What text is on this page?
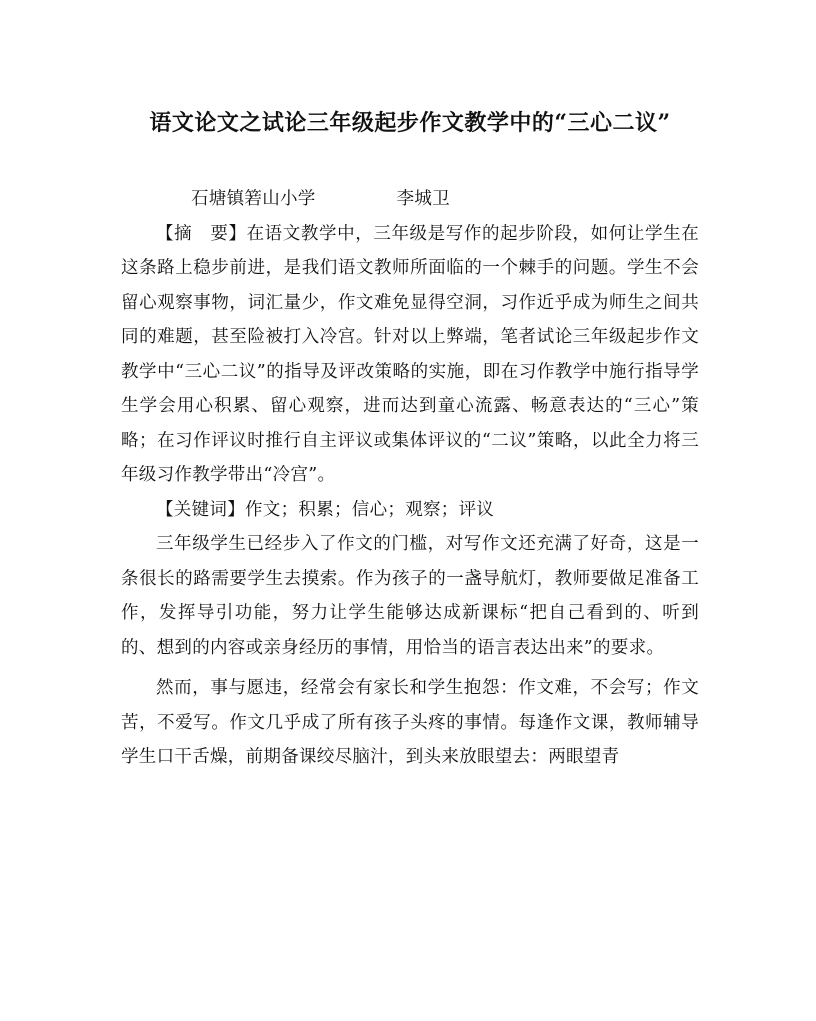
语文论文之试论三年级起步作文教学中的“三心二议”

石塘镇箬山小学	李城卫

【摘　要】在语文教学中，三年级是写作的起步阶段，如何让学生在这条路上稳步前进，是我们语文教师所面临的一个棘手的问题。学生不会留心观察事物，词汇量少，作文难免显得空洞，习作近乎成为师生之间共同的难题，甚至险被打入冷宫。针对以上弊端，笔者试论三年级起步作文教学中“三心二议”的指导及评改策略的实施，即在习作教学中施行指导学生学会用心积累、留心观察，进而达到童心流露、畅意表达的“三心”策略；在习作评议时推行自主评议或集体评议的“二议”策略，以此全力将三年级习作教学带出“冷宫”。

【关键词】作文；积累；信心；观察；评议

三年级学生已经步入了作文的门槛，对写作文还充满了好奇，这是一条很长的路需要学生去摸索。作为孩子的一盏导航灯，教师要做足准备工作，发挥导引功能，努力让学生能够达成新课标“把自己看到的、听到的、想到的内容或亲身经历的事情，用恰当的语言表达出来”的要求。

然而，事与愿违，经常会有家长和学生抱怨：作文难，不会写；作文苦，不爱写。作文几乎成了所有孩子头疼的事情。每逢作文课，教师辅导学生口干舌燥，前期备课绞尽脑汁，到头来放眼望去：两眼望青
